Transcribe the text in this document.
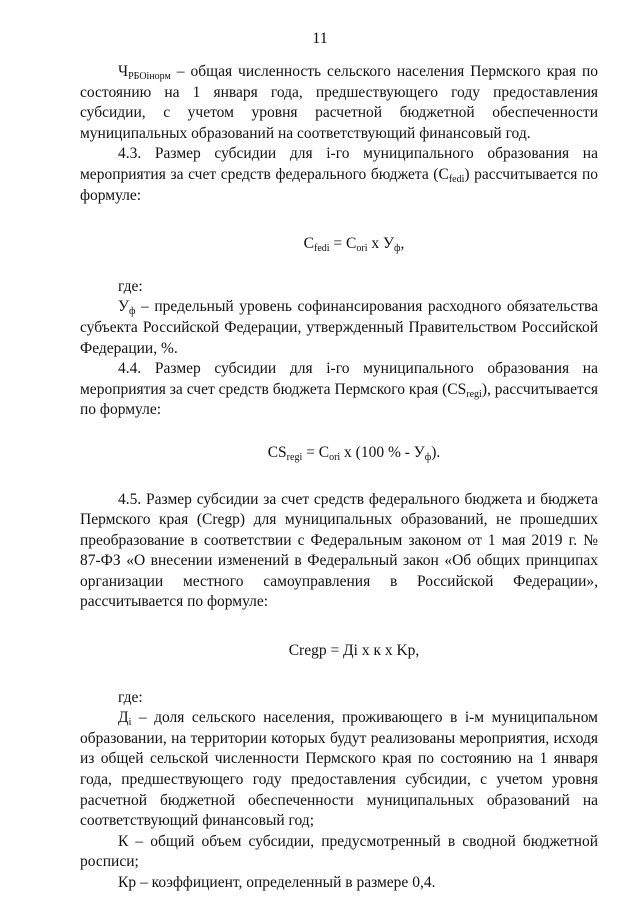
11

$Ч_{РБОiнорм}$ – общая численность сельского населения Пермского края по состоянию на 1 января года, предшествующего году предоставления субсидии, с учетом уровня расчетной бюджетной обеспеченности муниципальных образований на соответствующий финансовый год.

4.3. Размер субсидии для i-го муниципального образования на мероприятия за счет средств федерального бюджета $(С_{fedi})$ рассчитывается по формуле:

$С_{fedi} = С_{ori}$ х $У_ф$,

где:

$У_ф$ – предельный уровень софинансирования расходного обязательства субъекта Российской Федерации, утвержденный Правительством Российской Федерации, %.

4.4. Размер субсидии для i-го муниципального образования на мероприятия за счет средств бюджета Пермского края $(CS_{regi})$, рассчитывается по формуле:

$CS_{regi} = С_{ori}$ х (100 % - $У_ф$).

4.5. Размер субсидии за счет средств федерального бюджета и бюджета Пермского края (Cregp) для муниципальных образований, не прошедших преобразование в соответствии с Федеральным законом от 1 мая 2019 г. № 87-ФЗ «О внесении изменений в Федеральный закон «Об общих принципах организации местного самоуправления в Российской Федерации», рассчитывается по формуле:

Cregp = Дi х к х Kp,

где:

$Д_i$ – доля сельского населения, проживающего в i-м муниципальном образовании, на территории которых будут реализованы мероприятия, исходя из общей сельской численности Пермского края по состоянию на 1 января года, предшествующего году предоставления субсидии, с учетом уровня расчетной бюджетной обеспеченности муниципальных образований на соответствующий финансовый год;

К – общий объем субсидии, предусмотренный в сводной бюджетной росписи;

Кр – коэффициент, определенный в размере 0,4.
